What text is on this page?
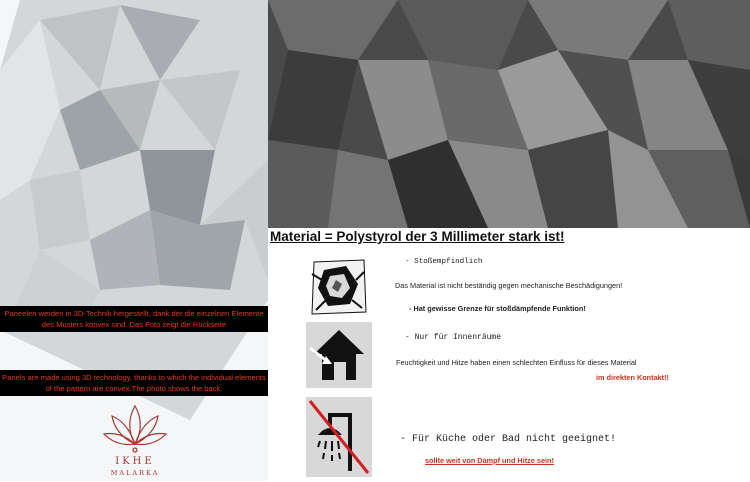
Paneelen werden in 3D-Technik hergestellt, dank der die einzelnen Elemente des Musters konvex sind. Das Foto zeigt die Rückseite
Panels are made using 3D technology, thanks to which the individual elements of the pattern are convex.The photo shows the back.
IKHE
MALARKA
Material = Polystyrol der 3 Millimeter stark ist!
- Stoßempfindlich
Das Material ist nicht beständig gegen mechanische Beschädigungen!
- Hat gewisse Grenze für stoßdämpfende Funktion!
- Nur für Innenräume
Feuchtigkeit und Hitze haben einen schlechten Einfluss für dieses Material
im direkten Kontakt!!
- Für Küche oder Bad nicht geeignet!
sollte weit von Dampf und Hitze sein!
